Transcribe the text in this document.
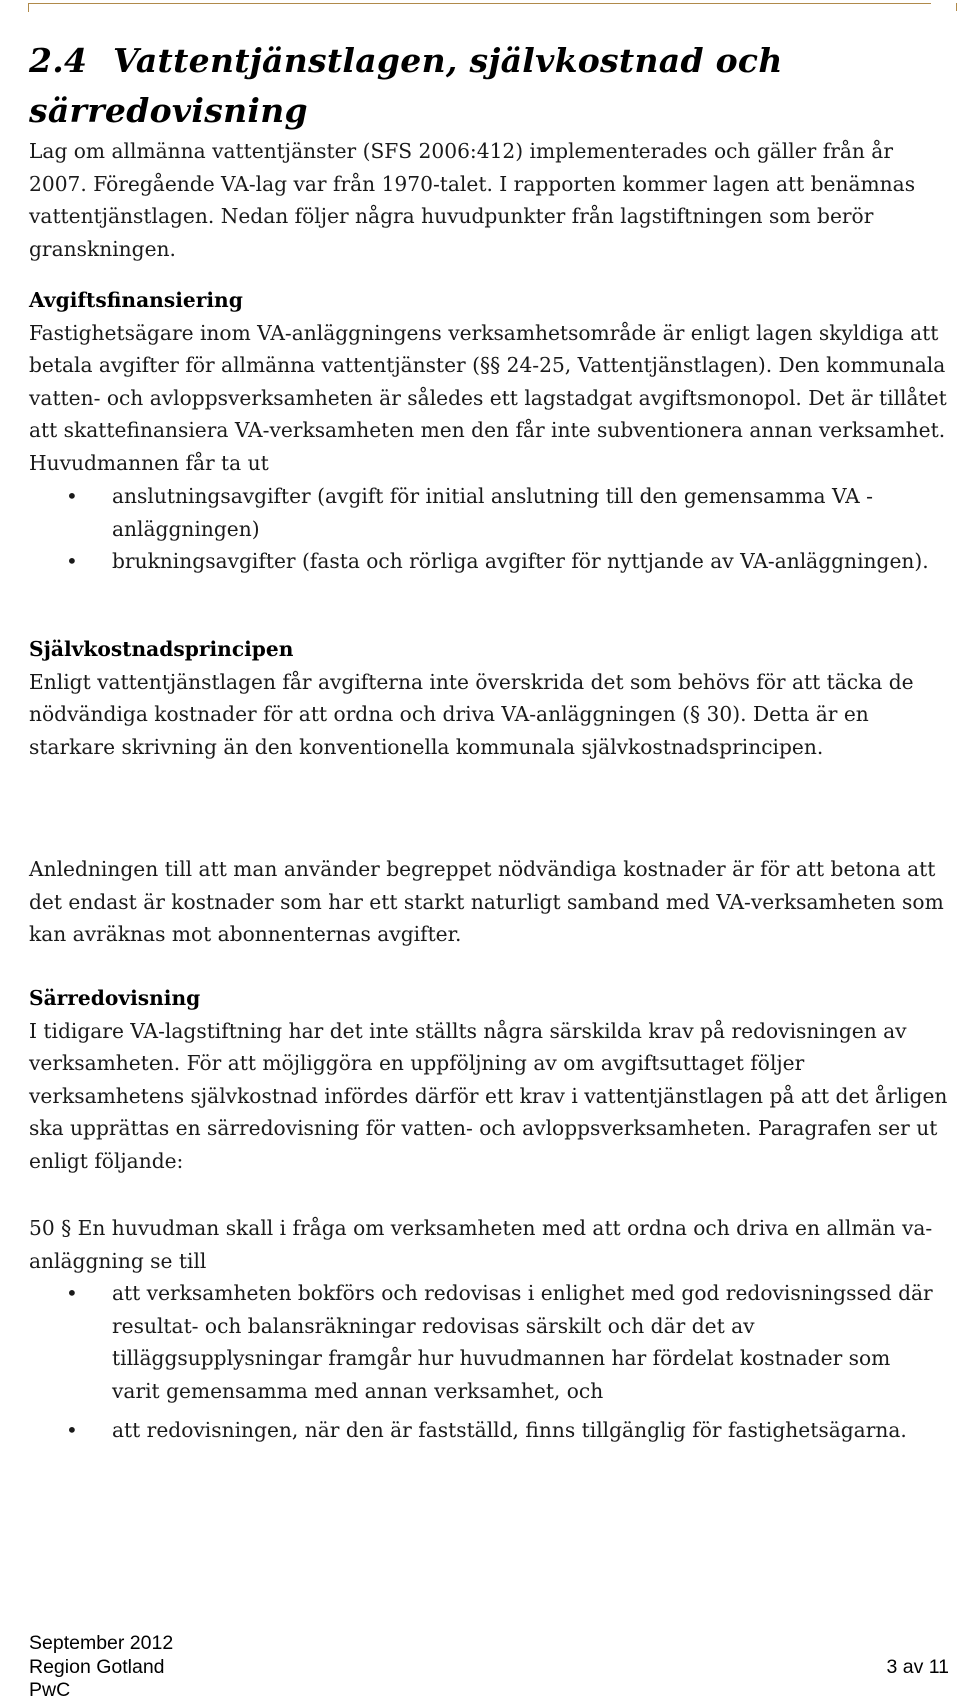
2.4 Vattentjänstlagen, självkostnad och särredovisning

Lag om allmänna vattentjänster (SFS 2006:412) implementerades och gäller från år 2007. Föregående VA-lag var från 1970-talet. I rapporten kommer lagen att benämnas vattentjänstlagen. Nedan följer några huvudpunkter från lagstiftningen som berör granskningen.

Avgiftsfinansiering

Fastighetsägare inom VA-anläggningens verksamhetsområde är enligt lagen skyldiga att betala avgifter för allmänna vattentjänster (§§ 24-25, Vattentjänstlagen). Den kommunala vatten- och avloppsverksamheten är således ett lagstadgat avgiftsmonopol. Det är tillåtet att skattefinansiera VA-verksamheten men den får inte subventionera annan verksamhet. Huvudmannen får ta ut

• anslutningsavgifter (avgift för initial anslutning till den gemensamma VA -anläggningen)
• brukningsavgifter (fasta och rörliga avgifter för nyttjande av VA-anläggningen).

Självkostnadsprincipen

Enligt vattentjänstlagen får avgifterna inte överskrida det som behövs för att täcka de nödvändiga kostnader för att ordna och driva VA-anläggningen (§ 30). Detta är en starkare skrivning än den konventionella kommunala självkostnadsprincipen.

Anledningen till att man använder begreppet nödvändiga kostnader är för att betona att det endast är kostnader som har ett starkt naturligt samband med VA-verksamheten som kan avräknas mot abonnenternas avgifter.

Särredovisning

I tidigare VA-lagstiftning har det inte ställts några särskilda krav på redovisningen av verksamheten. För att möjliggöra en uppföljning av om avgiftsuttaget följer verksamhetens självkostnad infördes därför ett krav i vattentjänstlagen på att det årligen ska upprättas en särredovisning för vatten- och avloppsverksamheten. Paragrafen ser ut enligt följande:

50 § En huvudman skall i fråga om verksamheten med att ordna och driva en allmän va-anläggning se till

• att verksamheten bokförs och redovisas i enlighet med god redovisningssed där resultat- och balansräkningar redovisas särskilt och där det av tilläggsupplysningar framgår hur huvudmannen har fördelat kostnader som varit gemensamma med annan verksamhet, och
• att redovisningen, när den är fastställd, finns tillgänglig för fastighetsägarna.
September 2012
Region Gotland
PwC
3 av 11
